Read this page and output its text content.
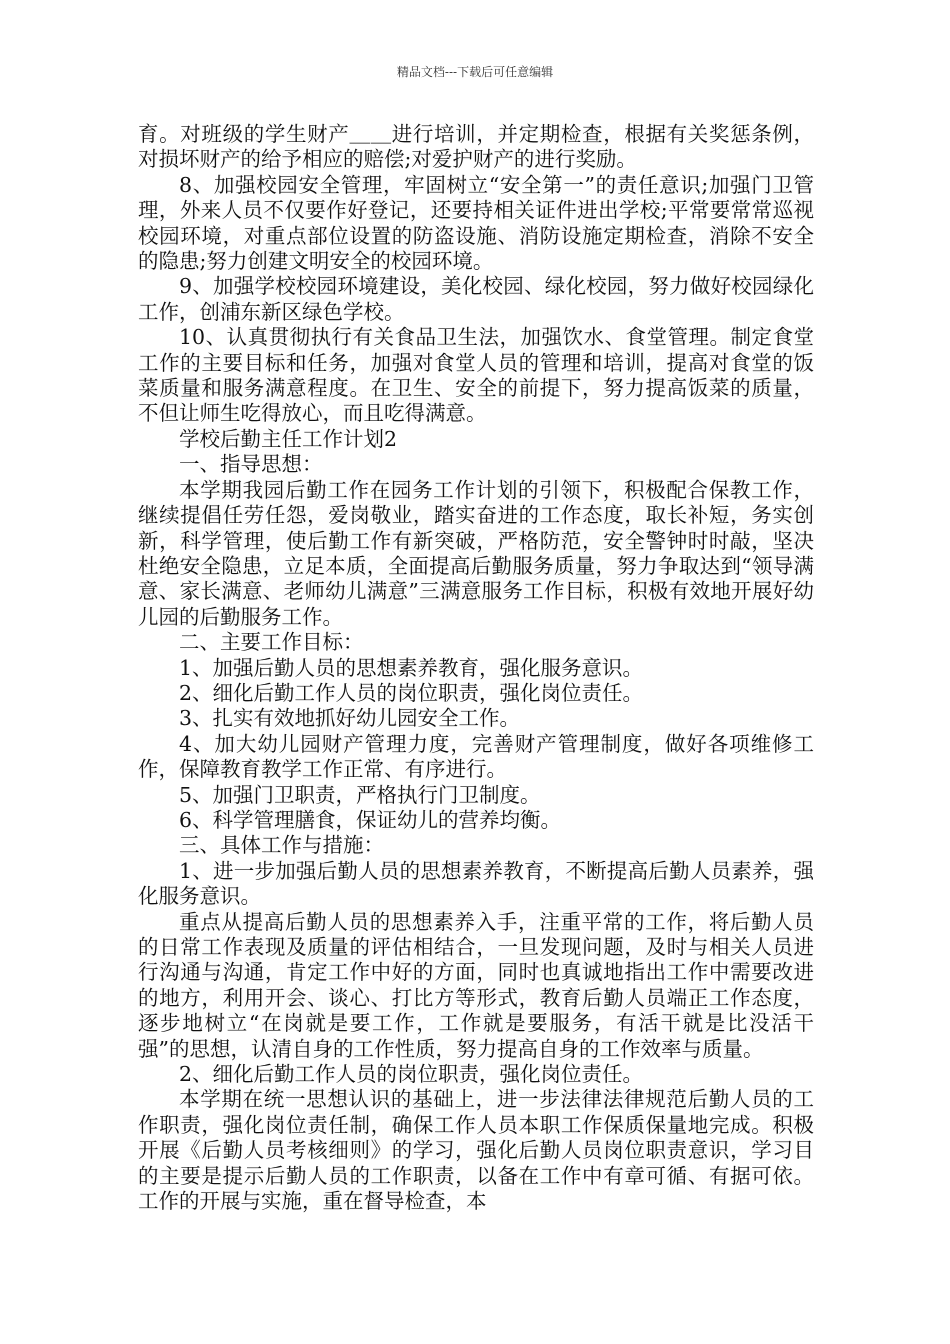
精品文档---下载后可任意编辑

育。对班级的学生财产＿＿进行培训，并定期检查，根据有关奖惩条例，对损坏财产的给予相应的赔偿;对爱护财产的进行奖励。

8、加强校园安全管理，牢固树立“安全第一”的责任意识;加强门卫管理，外来人员不仅要作好登记，还要持相关证件进出学校;平常要常常巡视校园环境，对重点部位设置的防盗设施、消防设施定期检查，消除不安全的隐患;努力创建文明安全的校园环境。

9、加强学校校园环境建设，美化校园、绿化校园，努力做好校园绿化工作，创浦东新区绿色学校。

10、认真贯彻执行有关食品卫生法，加强饮水、食堂管理。制定食堂工作的主要目标和任务，加强对食堂人员的管理和培训，提高对食堂的饭菜质量和服务满意程度。在卫生、安全的前提下，努力提高饭菜的质量，不但让师生吃得放心，而且吃得满意。

学校后勤主任工作计划2

一、指导思想：

本学期我园后勤工作在园务工作计划的引领下，积极配合保教工作，继续提倡任劳任怨，爱岗敬业，踏实奋进的工作态度，取长补短，务实创新，科学管理，使后勤工作有新突破，严格防范，安全警钟时时敲，坚决杜绝安全隐患，立足本质，全面提高后勤服务质量，努力争取达到“领导满意、家长满意、老师幼儿满意”三满意服务工作目标，积极有效地开展好幼儿园的后勤服务工作。

二、主要工作目标：

1、加强后勤人员的思想素养教育，强化服务意识。

2、细化后勤工作人员的岗位职责，强化岗位责任。

3、扎实有效地抓好幼儿园安全工作。

4、加大幼儿园财产管理力度，完善财产管理制度，做好各项维修工作，保障教育教学工作正常、有序进行。

5、加强门卫职责，严格执行门卫制度。

6、科学管理膳食，保证幼儿的营养均衡。

三、具体工作与措施：

1、进一步加强后勤人员的思想素养教育，不断提高后勤人员素养，强化服务意识。

重点从提高后勤人员的思想素养入手，注重平常的工作，将后勤人员的日常工作表现及质量的评估相结合，一旦发现问题，及时与相关人员进行沟通与沟通，肯定工作中好的方面，同时也真诚地指出工作中需要改进的地方，利用开会、谈心、打比方等形式，教育后勤人员端正工作态度，逐步地树立“在岗就是要工作，工作就是要服务，有活干就是比没活干强”的思想，认清自身的工作性质，努力提高自身的工作效率与质量。

2、细化后勤工作人员的岗位职责，强化岗位责任。

本学期在统一思想认识的基础上，进一步法律法律规范后勤人员的工作职责，强化岗位责任制，确保工作人员本职工作保质保量地完成。积极开展《后勤人员考核细则》的学习，强化后勤人员岗位职责意识，学习目的主要是提示后勤人员的工作职责，以备在工作中有章可循、有据可依。工作的开展与实施，重在督导检查，本
